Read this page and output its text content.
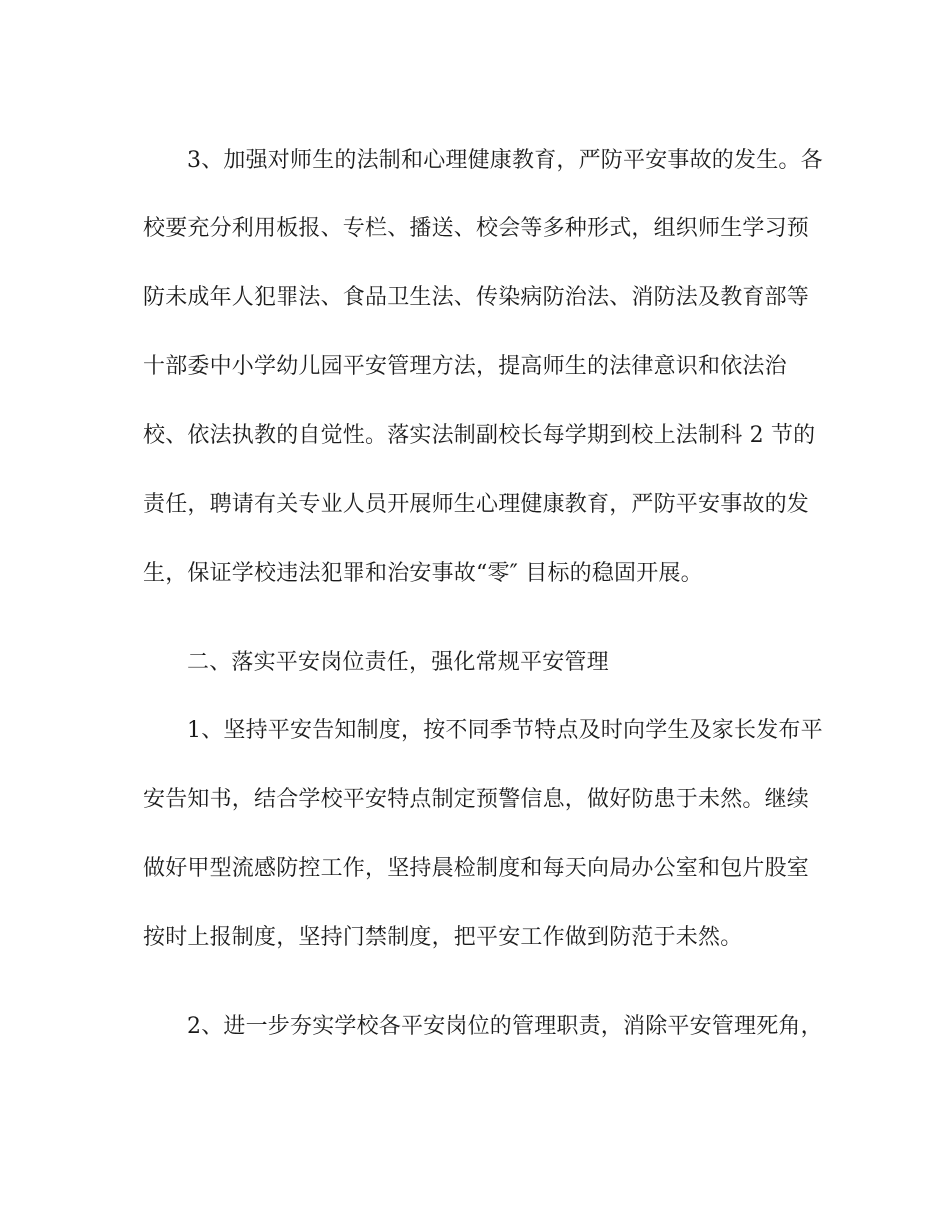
3、加强对师生的法制和心理健康教育，严防平安事故的发生。各

校要充分利用板报、专栏、播送、校会等多种形式，组织师生学习预

防未成年人犯罪法、食品卫生法、传染病防治法、消防法及教育部等

十部委中小学幼儿园平安管理方法，提高师生的法律意识和依法治

校、依法执教的自觉性。落实法制副校长每学期到校上法制科 2 节的

责任，聘请有关专业人员开展师生心理健康教育，严防平安事故的发

生，保证学校违法犯罪和治安事故“零″ 目标的稳固开展。

二、落实平安岗位责任，强化常规平安管理

1、坚持平安告知制度，按不同季节特点及时向学生及家长发布平

安告知书，结合学校平安特点制定预警信息，做好防患于未然。继续

做好甲型流感防控工作，坚持晨检制度和每天向局办公室和包片股室

按时上报制度，坚持门禁制度，把平安工作做到防范于未然。

2、进一步夯实学校各平安岗位的管理职责，消除平安管理死角，
